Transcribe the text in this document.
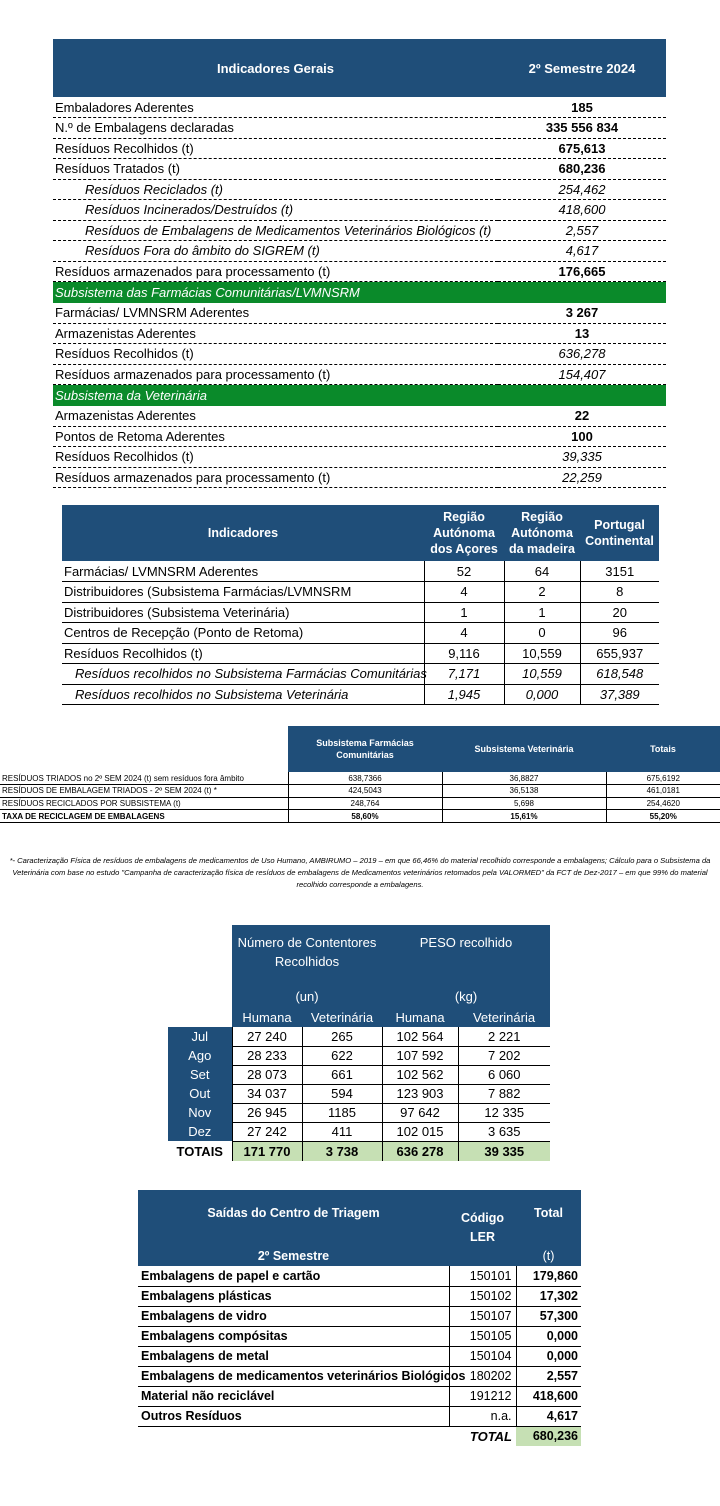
Indicadores Gerais	2º Semestre 2024
Embaladores Aderentes	185
N.º de Embalagens declaradas	335 556 834
Resíduos Recolhidos (t)	675,613
Resíduos Tratados (t)	680,236
Resíduos Reciclados (t)	254,462
Resíduos Incinerados/Destruídos (t)	418,600
Resíduos de Embalagens de Medicamentos Veterinários Biológicos (t)	2,557
Resíduos Fora do âmbito do SIGREM (t)	4,617
Resíduos armazenados para processamento (t)	176,665
Subsistema das Farmácias Comunitárias/LVMNSRM	
Farmácias/ LVMNSRM Aderentes	3 267
Armazenistas Aderentes	13
Resíduos Recolhidos (t)	636,278
Resíduos armazenados para processamento (t)	154,407
Subsistema da Veterinária	
Armazenistas Aderentes	22
Pontos de Retoma Aderentes	100
Resíduos Recolhidos (t)	39,335
Resíduos armazenados para processamento (t)	22,259
Indicadores	Região Autónoma dos Açores	Região Autónoma da madeira	Portugal Continental
Farmácias/ LVMNSRM Aderentes	52	64	3151
Distribuidores (Subsistema Farmácias/LVMNSRM	4	2	8
Distribuidores (Subsistema Veterinária)	1	1	20
Centros de Recepção (Ponto de Retoma)	4	0	96
Resíduos Recolhidos (t)	9,116	10,559	655,937
Resíduos recolhidos no Subsistema Farmácias Comunitárias	7,171	10,559	618,548
Resíduos recolhidos no Subsistema Veterinária	1,945	0,000	37,389
	Subsistema Farmácias Comunitárias	Subsistema Veterinária	Totais
RESÍDUOS TRIADOS no 2º SEM 2024 (t) sem resíduos fora âmbito	638,7366	36,8827	675,6192
RESÍDUOS DE EMBALAGEM TRIADOS - 2º SEM 2024 (t) *	424,5043	36,5138	461,0181
RESÍDUOS RECICLADOS POR SUBSISTEMA (t)	248,764	5,698	254,4620
TAXA DE RECICLAGEM DE EMBALAGENS	58,60%	15,61%	55,20%
*- Caracterização Física de resíduos de embalagens de medicamentos de Uso Humano, AMBIRUMO – 2019 – em que 66,46% do material recolhido corresponde a embalagens; Cálculo para o Subsistema da Veterinária com base no estudo "Campanha de caracterização física de resíduos de embalagens de Medicamentos veterinários retomados pela VALORMED" da FCT de Dez-2017 – em que 99% do material recolhido corresponde a embalagens.
	Número de Contentores Recolhidos		PESO recolhido	
	(un)		(kg)	
	Humana	Veterinária	Humana	Veterinária
Jul	27 240	265	102 564	2 221
Ago	28 233	622	107 592	7 202
Set	28 073	661	102 562	6 060
Out	34 037	594	123 903	7 882
Nov	26 945	1185	97 642	12 335
Dez	27 242	411	102 015	3 635
TOTAIS	171 770	3 738	636 278	39 335
Saídas do Centro de Triagem	Código LER	Total
2º Semestre		(t)
Embalagens de papel e cartão	150101	179,860
Embalagens plásticas	150102	17,302
Embalagens de vidro	150107	57,300
Embalagens compósitas	150105	0,000
Embalagens de metal	150104	0,000
Embalagens de medicamentos veterinários Biológicos	180202	2,557
Material não reciclável	191212	418,600
Outros Resíduos	n.a.	4,617
	TOTAL	680,236
